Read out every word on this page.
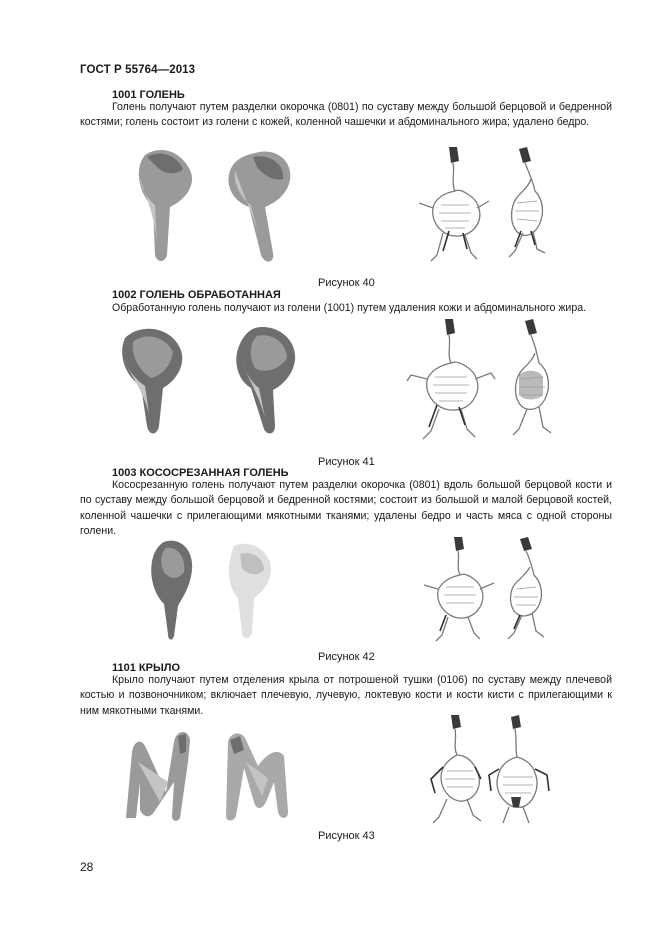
ГОСТ Р 55764—2013
1001 ГОЛЕНЬ
Голень получают путем разделки окорочка (0801) по суставу между большой берцовой и бедренной костями; голень состоит из голени с кожей, коленной чашечки и абдоминального жира; удалено бедро.
Рисунок 40
1002 ГОЛЕНЬ ОБРАБОТАННАЯ
Обработанную голень получают из голени (1001) путем удаления кожи и абдоминального жира.
Рисунок 41
1003 КОСОСРЕЗАННАЯ ГОЛЕНЬ
Кососрезанную голень получают путем разделки окорочка (0801) вдоль большой берцовой кости и по суставу между большой берцовой и бедренной костями; состоит из большой и малой берцовой костей, коленной чашечки с прилегающими мякотными тканями; удалены бедро и часть мяса с одной стороны голени.
Рисунок 42
1101 КРЫЛО
Крыло получают путем отделения крыла от потрошеной тушки (0106) по суставу между плечевой костью и позвоночником; включает плечевую, лучевую, локтевую кости и кости кисти с прилегающими к ним мякотными тканями.
Рисунок 43
28
